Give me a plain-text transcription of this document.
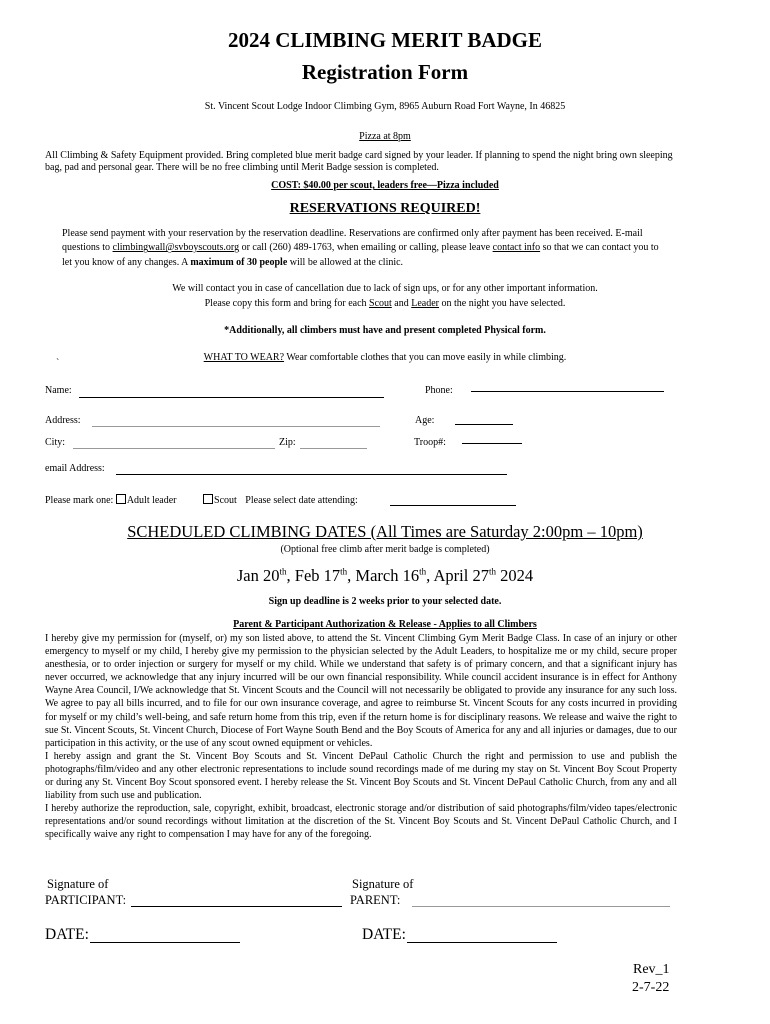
2024 CLIMBING MERIT BADGE
Registration Form
St. Vincent Scout Lodge Indoor Climbing Gym, 8965 Auburn Road Fort Wayne, In 46825
Pizza at 8pm
All Climbing & Safety Equipment provided. Bring completed blue merit badge card signed by your leader. If planning to spend the night bring own sleeping bag, pad and personal gear. There will be no free climbing until Merit Badge session is completed.
COST: $40.00 per scout, leaders free—Pizza included
RESERVATIONS REQUIRED!
Please send payment with your reservation by the reservation deadline. Reservations are confirmed only after payment has been received. E-mail questions to climbingwall@svboyscouts.org or call (260) 489-1763, when emailing or calling, please leave contact info so that we can contact you to let you know of any changes. A maximum of 30 people will be allowed at the clinic.
We will contact you in case of cancellation due to lack of sign ups, or for any other important information.
Please copy this form and bring for each Scout and Leader on the night you have selected.
*Additionally, all climbers must have and present completed Physical form.
`
WHAT TO WEAR? Wear comfortable clothes that you can move easily in while climbing.
Name:	Phone:
Address:	Age:
City:	Zip:	Troop#:
email Address:
Please mark one: Adult leader	Scout Please select date attending:
SCHEDULED CLIMBING DATES (All Times are Saturday 2:00pm – 10pm)
(Optional free climb after merit badge is completed)
Jan 20th, Feb 17th, March 16th, April 27th 2024
Sign up deadline is 2 weeks prior to your selected date.
Parent & Participant Authorization & Release - Applies to all Climbers

I hereby give my permission for (myself, or) my son listed above, to attend the St. Vincent Climbing Gym Merit Badge Class. In case of an injury or other emergency to myself or my child, I hereby give my permission to the physician selected by the Adult Leaders, to hospitalize me or my child, secure proper anesthesia, or to order injection or surgery for myself or my child. While we understand that safety is of primary concern, and that a significant injury has never occurred, we acknowledge that any injury incurred will be our own financial responsibility. While council accident insurance is in effect for Anthony Wayne Area Council, I/We acknowledge that St. Vincent Scouts and the Council will not necessarily be obligated to provide any insurance for any such loss. We agree to pay all bills incurred, and to file for our own insurance coverage, and agree to reimburse St. Vincent Scouts for any costs incurred in providing for myself or my child’s well-being, and safe return home from this trip, even if the return home is for disciplinary reasons. We release and waive the right to sue St. Vincent Scouts, St. Vincent Church, Diocese of Fort Wayne South Bend and the Boy Scouts of America for any and all injuries or damages, due to our participation in this activity, or the use of any scout owned equipment or vehicles.

I hereby assign and grant the St. Vincent Boy Scouts and St. Vincent DePaul Catholic Church the right and permission to use and publish the photographs/film/video and any other electronic representations to include sound recordings made of me during my stay on St. Vincent Boy Scout Property or during any St. Vincent Boy Scout sponsored event. I hereby release the St. Vincent Boy Scouts and St. Vincent DePaul Catholic Church, from any and all liability from such use and publication.

I hereby authorize the reproduction, sale, copyright, exhibit, broadcast, electronic storage and/or distribution of said photographs/film/video tapes/electronic representations and/or sound recordings without limitation at the discretion of the St. Vincent Boy Scouts and St. Vincent DePaul Catholic Church, and I specifically waive any right to compensation I may have for any of the foregoing.

Signature of
PARTICIPANT:
Signature of
PARENT:
DATE:	DATE:
Rev_1
2-7-22
